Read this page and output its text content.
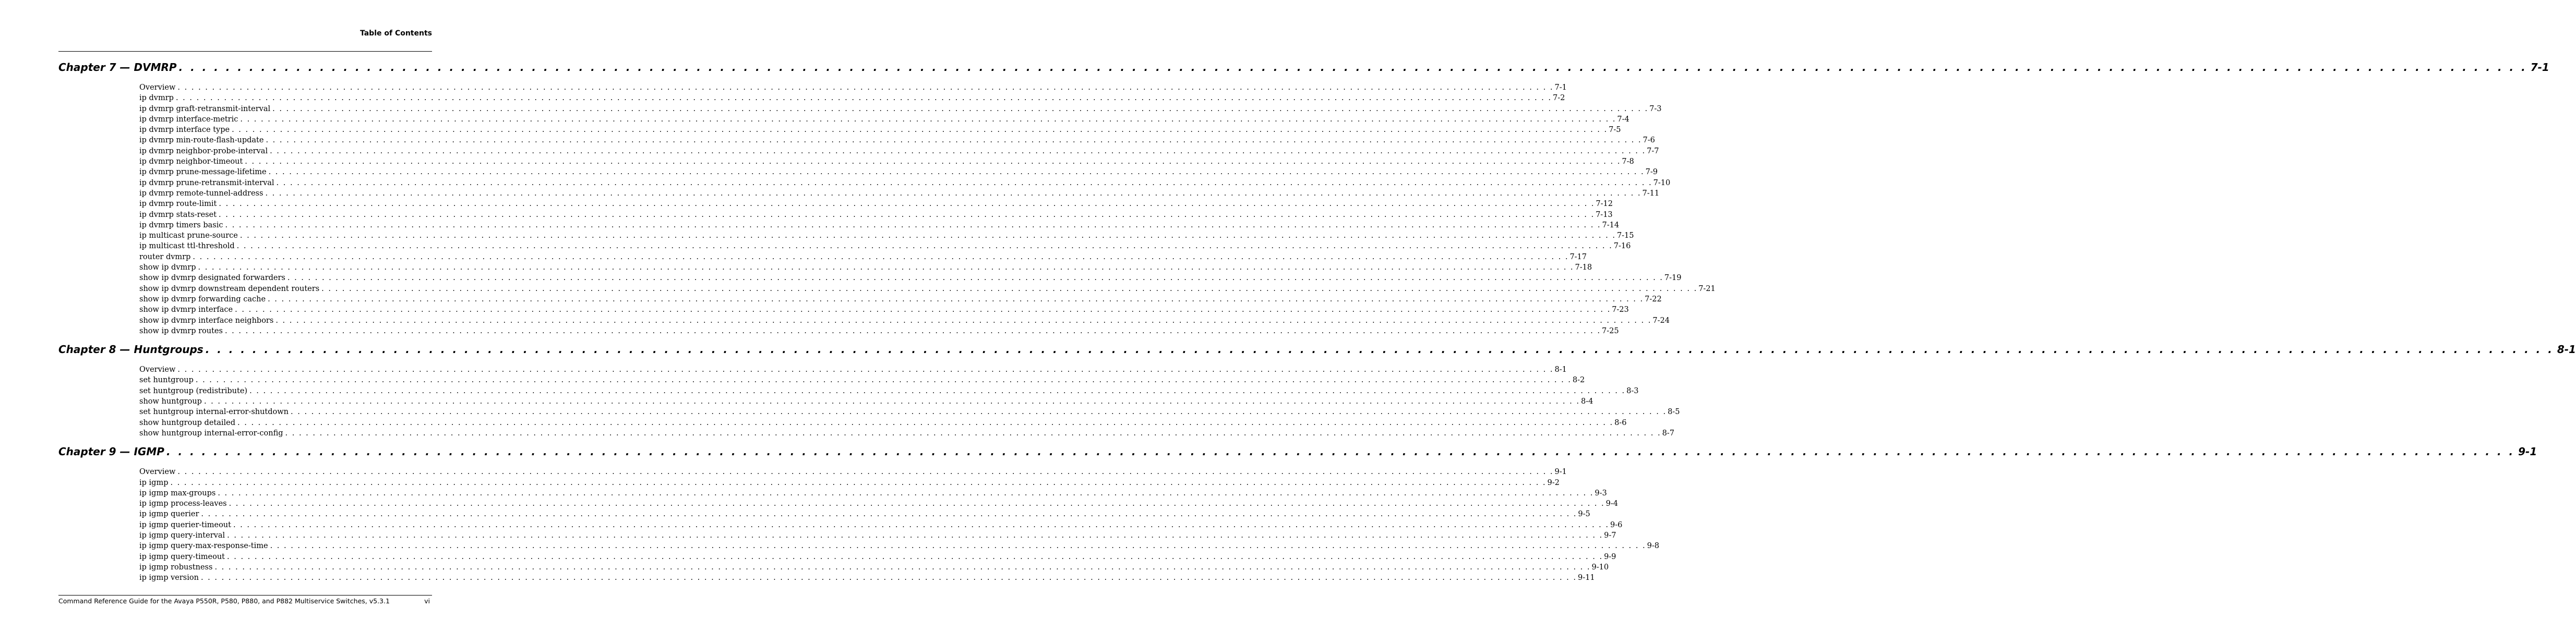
Table of Contents
Chapter 7 — DVMRP . . . . . . . . . . . . . . . . . . . . . . . . . . . . . . . . . . . . . . . . . . . . . . . . . . . . . . . . . . . . . . . . . . . . . . . . . . . . . . . . . . . . . . . . . . . . . . . . . . . . . . . . . . . . . . . . . . . . . . . . . . . . . . . . . . . . . . . . . . . . . . . . . . . . . . . . . . . . . . . . . . . . . . . . . . . . . . . . . . . . . . . . . . . . . . . . . . . . . . . . 7-1
Overview . . . . . . . . . . . . . . . . . . . . . . . . . . . . . . . . . . . . . . . . . . . . . . . . . . . . . . . . . . . . . . . . . . . . . . . . . . . . . . . . . . . . . . . . . . . . . . . . . . . . . . . . . . . . . . . . . . . . . . . . . . . . . . . . . . . . . . . . . . . . . . . . . . . . . . . . . . . . . . . . . . . . . . . . . . . . . . . . . . . . . . . . . . . . . . . . . . . . . . . . 7-1
ip dvmrp . . . . . . . . . . . . . . . . . . . . . . . . . . . . . . . . . . . . . . . . . . . . . . . . . . . . . . . . . . . . . . . . . . . . . . . . . . . . . . . . . . . . . . . . . . . . . . . . . . . . . . . . . . . . . . . . . . . . . . . . . . . . . . . . . . . . . . . . . . . . . . . . . . . . . . . . . . . . . . . . . . . . . . . . . . . . . . . . . . . . . . . . . . . . . . . . . . . . . . . . 7-2
ip dvmrp graft-retransmit-interval . . . . . . . . . . . . . . . . . . . . . . . . . . . . . . . . . . . . . . . . . . . . . . . . . . . . . . . . . . . . . . . . . . . . . . . . . . . . . . . . . . . . . . . . . . . . . . . . . . . . . . . . . . . . . . . . . . . . . . . . . . . . . . . . . . . . . . . . . . . . . . . . . . . . . . . . . . . . . . . . . . . . . . . . . . . . . . . . . . . . . . . . . . . . . . . . . . . . . . . . 7-3
ip dvmrp interface-metric . . . . . . . . . . . . . . . . . . . . . . . . . . . . . . . . . . . . . . . . . . . . . . . . . . . . . . . . . . . . . . . . . . . . . . . . . . . . . . . . . . . . . . . . . . . . . . . . . . . . . . . . . . . . . . . . . . . . . . . . . . . . . . . . . . . . . . . . . . . . . . . . . . . . . . . . . . . . . . . . . . . . . . . . . . . . . . . . . . . . . . . . . . . . . . . . . . . . . . . . 7-4
ip dvmrp interface type . . . . . . . . . . . . . . . . . . . . . . . . . . . . . . . . . . . . . . . . . . . . . . . . . . . . . . . . . . . . . . . . . . . . . . . . . . . . . . . . . . . . . . . . . . . . . . . . . . . . . . . . . . . . . . . . . . . . . . . . . . . . . . . . . . . . . . . . . . . . . . . . . . . . . . . . . . . . . . . . . . . . . . . . . . . . . . . . . . . . . . . . . . . . . . . . . . . . . . . . 7-5
ip dvmrp min-route-flash-update . . . . . . . . . . . . . . . . . . . . . . . . . . . . . . . . . . . . . . . . . . . . . . . . . . . . . . . . . . . . . . . . . . . . . . . . . . . . . . . . . . . . . . . . . . . . . . . . . . . . . . . . . . . . . . . . . . . . . . . . . . . . . . . . . . . . . . . . . . . . . . . . . . . . . . . . . . . . . . . . . . . . . . . . . . . . . . . . . . . . . . . . . . . . . . . . . . . . . . . . 7-6
ip dvmrp neighbor-probe-interval . . . . . . . . . . . . . . . . . . . . . . . . . . . . . . . . . . . . . . . . . . . . . . . . . . . . . . . . . . . . . . . . . . . . . . . . . . . . . . . . . . . . . . . . . . . . . . . . . . . . . . . . . . . . . . . . . . . . . . . . . . . . . . . . . . . . . . . . . . . . . . . . . . . . . . . . . . . . . . . . . . . . . . . . . . . . . . . . . . . . . . . . . . . . . . . . . . . . . . . . 7-7
ip dvmrp neighbor-timeout . . . . . . . . . . . . . . . . . . . . . . . . . . . . . . . . . . . . . . . . . . . . . . . . . . . . . . . . . . . . . . . . . . . . . . . . . . . . . . . . . . . . . . . . . . . . . . . . . . . . . . . . . . . . . . . . . . . . . . . . . . . . . . . . . . . . . . . . . . . . . . . . . . . . . . . . . . . . . . . . . . . . . . . . . . . . . . . . . . . . . . . . . . . . . . . . . . . . . . . . 7-8
ip dvmrp prune-message-lifetime . . . . . . . . . . . . . . . . . . . . . . . . . . . . . . . . . . . . . . . . . . . . . . . . . . . . . . . . . . . . . . . . . . . . . . . . . . . . . . . . . . . . . . . . . . . . . . . . . . . . . . . . . . . . . . . . . . . . . . . . . . . . . . . . . . . . . . . . . . . . . . . . . . . . . . . . . . . . . . . . . . . . . . . . . . . . . . . . . . . . . . . . . . . . . . . . . . . . . . . . 7-9
ip dvmrp prune-retransmit-interval . . . . . . . . . . . . . . . . . . . . . . . . . . . . . . . . . . . . . . . . . . . . . . . . . . . . . . . . . . . . . . . . . . . . . . . . . . . . . . . . . . . . . . . . . . . . . . . . . . . . . . . . . . . . . . . . . . . . . . . . . . . . . . . . . . . . . . . . . . . . . . . . . . . . . . . . . . . . . . . . . . . . . . . . . . . . . . . . . . . . . . . . . . . . . . . . . . . . . . . . 7-10
ip dvmrp remote-tunnel-address . . . . . . . . . . . . . . . . . . . . . . . . . . . . . . . . . . . . . . . . . . . . . . . . . . . . . . . . . . . . . . . . . . . . . . . . . . . . . . . . . . . . . . . . . . . . . . . . . . . . . . . . . . . . . . . . . . . . . . . . . . . . . . . . . . . . . . . . . . . . . . . . . . . . . . . . . . . . . . . . . . . . . . . . . . . . . . . . . . . . . . . . . . . . . . . . . . . . . . . . 7-11
ip dvmrp route-limit . . . . . . . . . . . . . . . . . . . . . . . . . . . . . . . . . . . . . . . . . . . . . . . . . . . . . . . . . . . . . . . . . . . . . . . . . . . . . . . . . . . . . . . . . . . . . . . . . . . . . . . . . . . . . . . . . . . . . . . . . . . . . . . . . . . . . . . . . . . . . . . . . . . . . . . . . . . . . . . . . . . . . . . . . . . . . . . . . . . . . . . . . . . . . . . . . . . . . . . . 7-12
ip dvmrp stats-reset . . . . . . . . . . . . . . . . . . . . . . . . . . . . . . . . . . . . . . . . . . . . . . . . . . . . . . . . . . . . . . . . . . . . . . . . . . . . . . . . . . . . . . . . . . . . . . . . . . . . . . . . . . . . . . . . . . . . . . . . . . . . . . . . . . . . . . . . . . . . . . . . . . . . . . . . . . . . . . . . . . . . . . . . . . . . . . . . . . . . . . . . . . . . . . . . . . . . . . . . 7-13
ip dvmrp timers basic . . . . . . . . . . . . . . . . . . . . . . . . . . . . . . . . . . . . . . . . . . . . . . . . . . . . . . . . . . . . . . . . . . . . . . . . . . . . . . . . . . . . . . . . . . . . . . . . . . . . . . . . . . . . . . . . . . . . . . . . . . . . . . . . . . . . . . . . . . . . . . . . . . . . . . . . . . . . . . . . . . . . . . . . . . . . . . . . . . . . . . . . . . . . . . . . . . . . . . . . 7-14
ip multicast prune-source . . . . . . . . . . . . . . . . . . . . . . . . . . . . . . . . . . . . . . . . . . . . . . . . . . . . . . . . . . . . . . . . . . . . . . . . . . . . . . . . . . . . . . . . . . . . . . . . . . . . . . . . . . . . . . . . . . . . . . . . . . . . . . . . . . . . . . . . . . . . . . . . . . . . . . . . . . . . . . . . . . . . . . . . . . . . . . . . . . . . . . . . . . . . . . . . . . . . . . . . 7-15
ip multicast ttl-threshold . . . . . . . . . . . . . . . . . . . . . . . . . . . . . . . . . . . . . . . . . . . . . . . . . . . . . . . . . . . . . . . . . . . . . . . . . . . . . . . . . . . . . . . . . . . . . . . . . . . . . . . . . . . . . . . . . . . . . . . . . . . . . . . . . . . . . . . . . . . . . . . . . . . . . . . . . . . . . . . . . . . . . . . . . . . . . . . . . . . . . . . . . . . . . . . . . . . . . . . . 7-16
router dvmrp . . . . . . . . . . . . . . . . . . . . . . . . . . . . . . . . . . . . . . . . . . . . . . . . . . . . . . . . . . . . . . . . . . . . . . . . . . . . . . . . . . . . . . . . . . . . . . . . . . . . . . . . . . . . . . . . . . . . . . . . . . . . . . . . . . . . . . . . . . . . . . . . . . . . . . . . . . . . . . . . . . . . . . . . . . . . . . . . . . . . . . . . . . . . . . . . . . . . . . . . 7-17
show ip dvmrp . . . . . . . . . . . . . . . . . . . . . . . . . . . . . . . . . . . . . . . . . . . . . . . . . . . . . . . . . . . . . . . . . . . . . . . . . . . . . . . . . . . . . . . . . . . . . . . . . . . . . . . . . . . . . . . . . . . . . . . . . . . . . . . . . . . . . . . . . . . . . . . . . . . . . . . . . . . . . . . . . . . . . . . . . . . . . . . . . . . . . . . . . . . . . . . . . . . . . . . . 7-18
show ip dvmrp designated forwarders . . . . . . . . . . . . . . . . . . . . . . . . . . . . . . . . . . . . . . . . . . . . . . . . . . . . . . . . . . . . . . . . . . . . . . . . . . . . . . . . . . . . . . . . . . . . . . . . . . . . . . . . . . . . . . . . . . . . . . . . . . . . . . . . . . . . . . . . . . . . . . . . . . . . . . . . . . . . . . . . . . . . . . . . . . . . . . . . . . . . . . . . . . . . . . . . . . . . . . . . 7-19
show ip dvmrp downstream dependent routers . . . . . . . . . . . . . . . . . . . . . . . . . . . . . . . . . . . . . . . . . . . . . . . . . . . . . . . . . . . . . . . . . . . . . . . . . . . . . . . . . . . . . . . . . . . . . . . . . . . . . . . . . . . . . . . . . . . . . . . . . . . . . . . . . . . . . . . . . . . . . . . . . . . . . . . . . . . . . . . . . . . . . . . . . . . . . . . . . . . . . . . . . . . . . . . . . . . . . . . . 7-21
show ip dvmrp forwarding cache . . . . . . . . . . . . . . . . . . . . . . . . . . . . . . . . . . . . . . . . . . . . . . . . . . . . . . . . . . . . . . . . . . . . . . . . . . . . . . . . . . . . . . . . . . . . . . . . . . . . . . . . . . . . . . . . . . . . . . . . . . . . . . . . . . . . . . . . . . . . . . . . . . . . . . . . . . . . . . . . . . . . . . . . . . . . . . . . . . . . . . . . . . . . . . . . . . . . . . . . 7-22
show ip dvmrp interface . . . . . . . . . . . . . . . . . . . . . . . . . . . . . . . . . . . . . . . . . . . . . . . . . . . . . . . . . . . . . . . . . . . . . . . . . . . . . . . . . . . . . . . . . . . . . . . . . . . . . . . . . . . . . . . . . . . . . . . . . . . . . . . . . . . . . . . . . . . . . . . . . . . . . . . . . . . . . . . . . . . . . . . . . . . . . . . . . . . . . . . . . . . . . . . . . . . . . . . . 7-23
show ip dvmrp interface neighbors . . . . . . . . . . . . . . . . . . . . . . . . . . . . . . . . . . . . . . . . . . . . . . . . . . . . . . . . . . . . . . . . . . . . . . . . . . . . . . . . . . . . . . . . . . . . . . . . . . . . . . . . . . . . . . . . . . . . . . . . . . . . . . . . . . . . . . . . . . . . . . . . . . . . . . . . . . . . . . . . . . . . . . . . . . . . . . . . . . . . . . . . . . . . . . . . . . . . . . . . 7-24
show ip dvmrp routes . . . . . . . . . . . . . . . . . . . . . . . . . . . . . . . . . . . . . . . . . . . . . . . . . . . . . . . . . . . . . . . . . . . . . . . . . . . . . . . . . . . . . . . . . . . . . . . . . . . . . . . . . . . . . . . . . . . . . . . . . . . . . . . . . . . . . . . . . . . . . . . . . . . . . . . . . . . . . . . . . . . . . . . . . . . . . . . . . . . . . . . . . . . . . . . . . . . . . . . . 7-25
Chapter 8 — Huntgroups . . . . . . . . . . . . . . . . . . . . . . . . . . . . . . . . . . . . . . . . . . . . . . . . . . . . . . . . . . . . . . . . . . . . . . . . . . . . . . . . . . . . . . . . . . . . . . . . . . . . . . . . . . . . . . . . . . . . . . . . . . . . . . . . . . . . . . . . . . . . . . . . . . . . . . . . . . . . . . . . . . . . . . . . . . . . . . . . . . . . . . . . . . . . . . . . . . . . . . . . 8-1
Overview . . . . . . . . . . . . . . . . . . . . . . . . . . . . . . . . . . . . . . . . . . . . . . . . . . . . . . . . . . . . . . . . . . . . . . . . . . . . . . . . . . . . . . . . . . . . . . . . . . . . . . . . . . . . . . . . . . . . . . . . . . . . . . . . . . . . . . . . . . . . . . . . . . . . . . . . . . . . . . . . . . . . . . . . . . . . . . . . . . . . . . . . . . . . . . . . . . . . . . . . 8-1
set huntgroup . . . . . . . . . . . . . . . . . . . . . . . . . . . . . . . . . . . . . . . . . . . . . . . . . . . . . . . . . . . . . . . . . . . . . . . . . . . . . . . . . . . . . . . . . . . . . . . . . . . . . . . . . . . . . . . . . . . . . . . . . . . . . . . . . . . . . . . . . . . . . . . . . . . . . . . . . . . . . . . . . . . . . . . . . . . . . . . . . . . . . . . . . . . . . . . . . . . . . . . . 8-2
set huntgroup (redistribute) . . . . . . . . . . . . . . . . . . . . . . . . . . . . . . . . . . . . . . . . . . . . . . . . . . . . . . . . . . . . . . . . . . . . . . . . . . . . . . . . . . . . . . . . . . . . . . . . . . . . . . . . . . . . . . . . . . . . . . . . . . . . . . . . . . . . . . . . . . . . . . . . . . . . . . . . . . . . . . . . . . . . . . . . . . . . . . . . . . . . . . . . . . . . . . . . . . . . . . . . 8-3
show huntgroup . . . . . . . . . . . . . . . . . . . . . . . . . . . . . . . . . . . . . . . . . . . . . . . . . . . . . . . . . . . . . . . . . . . . . . . . . . . . . . . . . . . . . . . . . . . . . . . . . . . . . . . . . . . . . . . . . . . . . . . . . . . . . . . . . . . . . . . . . . . . . . . . . . . . . . . . . . . . . . . . . . . . . . . . . . . . . . . . . . . . . . . . . . . . . . . . . . . . . . . . 8-4
set huntgroup internal-error-shutdown . . . . . . . . . . . . . . . . . . . . . . . . . . . . . . . . . . . . . . . . . . . . . . . . . . . . . . . . . . . . . . . . . . . . . . . . . . . . . . . . . . . . . . . . . . . . . . . . . . . . . . . . . . . . . . . . . . . . . . . . . . . . . . . . . . . . . . . . . . . . . . . . . . . . . . . . . . . . . . . . . . . . . . . . . . . . . . . . . . . . . . . . . . . . . . . . . . . . . . . . 8-5
show huntgroup detailed . . . . . . . . . . . . . . . . . . . . . . . . . . . . . . . . . . . . . . . . . . . . . . . . . . . . . . . . . . . . . . . . . . . . . . . . . . . . . . . . . . . . . . . . . . . . . . . . . . . . . . . . . . . . . . . . . . . . . . . . . . . . . . . . . . . . . . . . . . . . . . . . . . . . . . . . . . . . . . . . . . . . . . . . . . . . . . . . . . . . . . . . . . . . . . . . . . . . . . . . 8-6
show huntgroup internal-error-config . . . . . . . . . . . . . . . . . . . . . . . . . . . . . . . . . . . . . . . . . . . . . . . . . . . . . . . . . . . . . . . . . . . . . . . . . . . . . . . . . . . . . . . . . . . . . . . . . . . . . . . . . . . . . . . . . . . . . . . . . . . . . . . . . . . . . . . . . . . . . . . . . . . . . . . . . . . . . . . . . . . . . . . . . . . . . . . . . . . . . . . . . . . . . . . . . . . . . . . . 8-7
Chapter 9 — IGMP . . . . . . . . . . . . . . . . . . . . . . . . . . . . . . . . . . . . . . . . . . . . . . . . . . . . . . . . . . . . . . . . . . . . . . . . . . . . . . . . . . . . . . . . . . . . . . . . . . . . . . . . . . . . . . . . . . . . . . . . . . . . . . . . . . . . . . . . . . . . . . . . . . . . . . . . . . . . . . . . . . . . . . . . . . . . . . . . . . . . . . . . . . . . . . . . . . . . . . . . 9-1
Overview . . . . . . . . . . . . . . . . . . . . . . . . . . . . . . . . . . . . . . . . . . . . . . . . . . . . . . . . . . . . . . . . . . . . . . . . . . . . . . . . . . . . . . . . . . . . . . . . . . . . . . . . . . . . . . . . . . . . . . . . . . . . . . . . . . . . . . . . . . . . . . . . . . . . . . . . . . . . . . . . . . . . . . . . . . . . . . . . . . . . . . . . . . . . . . . . . . . . . . . . 9-1
ip igmp . . . . . . . . . . . . . . . . . . . . . . . . . . . . . . . . . . . . . . . . . . . . . . . . . . . . . . . . . . . . . . . . . . . . . . . . . . . . . . . . . . . . . . . . . . . . . . . . . . . . . . . . . . . . . . . . . . . . . . . . . . . . . . . . . . . . . . . . . . . . . . . . . . . . . . . . . . . . . . . . . . . . . . . . . . . . . . . . . . . . . . . . . . . . . . . . . . . . . . . . 9-2
ip igmp max-groups . . . . . . . . . . . . . . . . . . . . . . . . . . . . . . . . . . . . . . . . . . . . . . . . . . . . . . . . . . . . . . . . . . . . . . . . . . . . . . . . . . . . . . . . . . . . . . . . . . . . . . . . . . . . . . . . . . . . . . . . . . . . . . . . . . . . . . . . . . . . . . . . . . . . . . . . . . . . . . . . . . . . . . . . . . . . . . . . . . . . . . . . . . . . . . . . . . . . . . . . 9-3
ip igmp process-leaves . . . . . . . . . . . . . . . . . . . . . . . . . . . . . . . . . . . . . . . . . . . . . . . . . . . . . . . . . . . . . . . . . . . . . . . . . . . . . . . . . . . . . . . . . . . . . . . . . . . . . . . . . . . . . . . . . . . . . . . . . . . . . . . . . . . . . . . . . . . . . . . . . . . . . . . . . . . . . . . . . . . . . . . . . . . . . . . . . . . . . . . . . . . . . . . . . . . . . . . . 9-4
ip igmp querier . . . . . . . . . . . . . . . . . . . . . . . . . . . . . . . . . . . . . . . . . . . . . . . . . . . . . . . . . . . . . . . . . . . . . . . . . . . . . . . . . . . . . . . . . . . . . . . . . . . . . . . . . . . . . . . . . . . . . . . . . . . . . . . . . . . . . . . . . . . . . . . . . . . . . . . . . . . . . . . . . . . . . . . . . . . . . . . . . . . . . . . . . . . . . . . . . . . . . . . . 9-5
ip igmp querier-timeout . . . . . . . . . . . . . . . . . . . . . . . . . . . . . . . . . . . . . . . . . . . . . . . . . . . . . . . . . . . . . . . . . . . . . . . . . . . . . . . . . . . . . . . . . . . . . . . . . . . . . . . . . . . . . . . . . . . . . . . . . . . . . . . . . . . . . . . . . . . . . . . . . . . . . . . . . . . . . . . . . . . . . . . . . . . . . . . . . . . . . . . . . . . . . . . . . . . . . . . . 9-6
ip igmp query-interval . . . . . . . . . . . . . . . . . . . . . . . . . . . . . . . . . . . . . . . . . . . . . . . . . . . . . . . . . . . . . . . . . . . . . . . . . . . . . . . . . . . . . . . . . . . . . . . . . . . . . . . . . . . . . . . . . . . . . . . . . . . . . . . . . . . . . . . . . . . . . . . . . . . . . . . . . . . . . . . . . . . . . . . . . . . . . . . . . . . . . . . . . . . . . . . . . . . . . . . . 9-7
ip igmp query-max-response-time . . . . . . . . . . . . . . . . . . . . . . . . . . . . . . . . . . . . . . . . . . . . . . . . . . . . . . . . . . . . . . . . . . . . . . . . . . . . . . . . . . . . . . . . . . . . . . . . . . . . . . . . . . . . . . . . . . . . . . . . . . . . . . . . . . . . . . . . . . . . . . . . . . . . . . . . . . . . . . . . . . . . . . . . . . . . . . . . . . . . . . . . . . . . . . . . . . . . . . . . 9-8
ip igmp query-timeout . . . . . . . . . . . . . . . . . . . . . . . . . . . . . . . . . . . . . . . . . . . . . . . . . . . . . . . . . . . . . . . . . . . . . . . . . . . . . . . . . . . . . . . . . . . . . . . . . . . . . . . . . . . . . . . . . . . . . . . . . . . . . . . . . . . . . . . . . . . . . . . . . . . . . . . . . . . . . . . . . . . . . . . . . . . . . . . . . . . . . . . . . . . . . . . . . . . . . . . . 9-9
ip igmp robustness . . . . . . . . . . . . . . . . . . . . . . . . . . . . . . . . . . . . . . . . . . . . . . . . . . . . . . . . . . . . . . . . . . . . . . . . . . . . . . . . . . . . . . . . . . . . . . . . . . . . . . . . . . . . . . . . . . . . . . . . . . . . . . . . . . . . . . . . . . . . . . . . . . . . . . . . . . . . . . . . . . . . . . . . . . . . . . . . . . . . . . . . . . . . . . . . . . . . . . . . 9-10
ip igmp version . . . . . . . . . . . . . . . . . . . . . . . . . . . . . . . . . . . . . . . . . . . . . . . . . . . . . . . . . . . . . . . . . . . . . . . . . . . . . . . . . . . . . . . . . . . . . . . . . . . . . . . . . . . . . . . . . . . . . . . . . . . . . . . . . . . . . . . . . . . . . . . . . . . . . . . . . . . . . . . . . . . . . . . . . . . . . . . . . . . . . . . . . . . . . . . . . . . . . . . . 9-11
Command Reference Guide for the Avaya P550R, P580, P880, and P882 Multiservice Switches, v5.3.1	vi
